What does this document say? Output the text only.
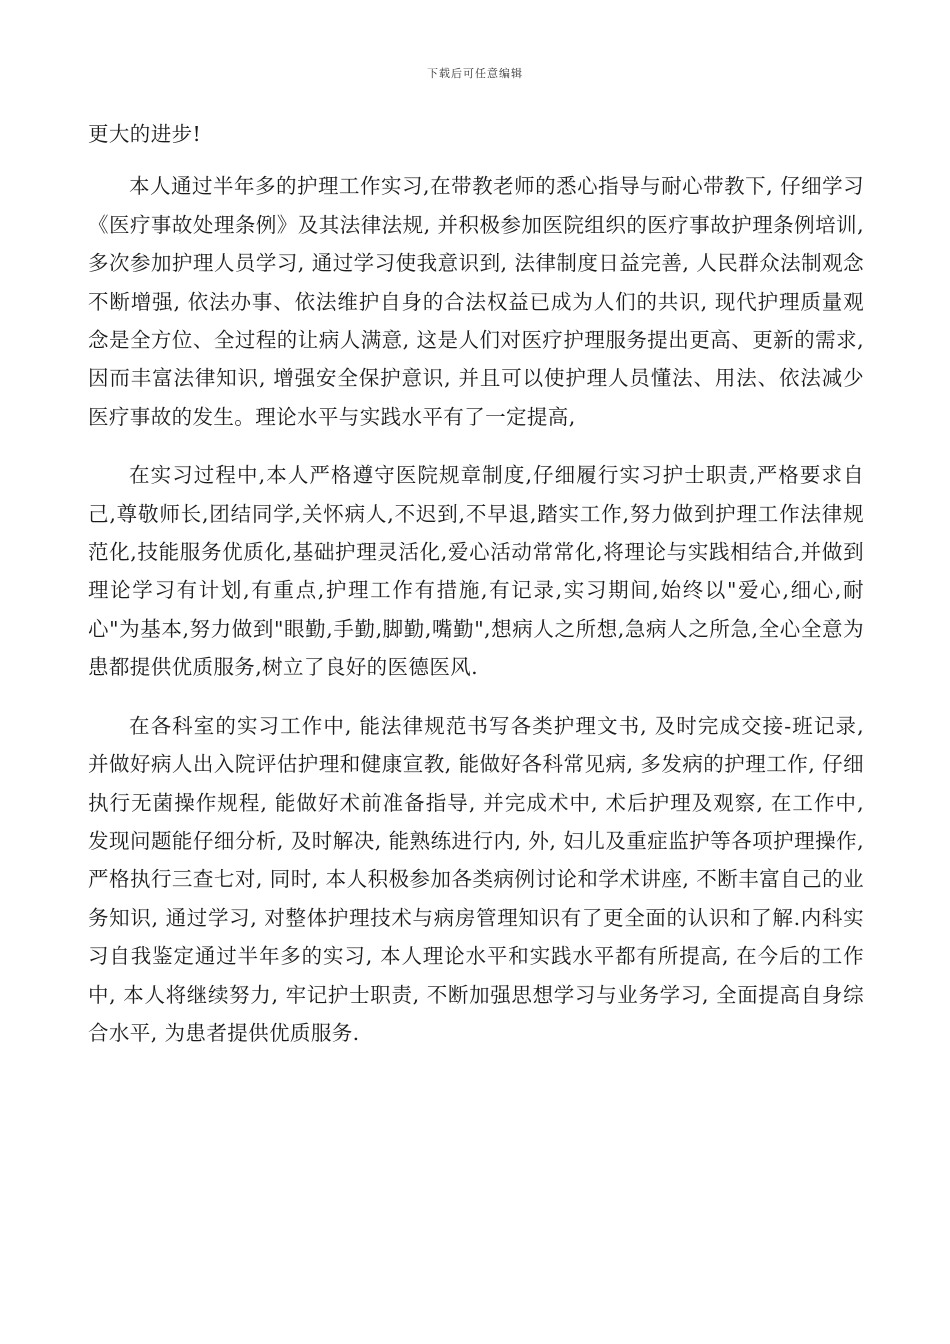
下载后可任意编辑

更大的进步!

本人通过半年多的护理工作实习,在带教老师的悉心指导与耐心带教下, 仔细学习《医疗事故处理条例》及其法律法规, 并积极参加医院组织的医疗事故护理条例培训, 多次参加护理人员学习, 通过学习使我意识到, 法律制度日益完善, 人民群众法制观念不断增强, 依法办事、依法维护自身的合法权益已成为人们的共识, 现代护理质量观念是全方位、全过程的让病人满意, 这是人们对医疗护理服务提出更高、更新的需求, 因而丰富法律知识, 增强安全保护意识, 并且可以使护理人员懂法、用法、依法减少医疗事故的发生。理论水平与实践水平有了一定提高,

在实习过程中,本人严格遵守医院规章制度,仔细履行实习护士职责,严格要求自己,尊敬师长,团结同学,关怀病人,不迟到,不早退,踏实工作,努力做到护理工作法律规范化,技能服务优质化,基础护理灵活化,爱心活动常常化,将理论与实践相结合,并做到理论学习有计划,有重点,护理工作有措施,有记录,实习期间,始终以"爱心,细心,耐心"为基本,努力做到"眼勤,手勤,脚勤,嘴勤",想病人之所想,急病人之所急,全心全意为患都提供优质服务,树立了良好的医德医风.

在各科室的实习工作中, 能法律规范书写各类护理文书, 及时完成交接-班记录, 并做好病人出入院评估护理和健康宣教, 能做好各科常见病, 多发病的护理工作, 仔细执行无菌操作规程, 能做好术前准备指导, 并完成术中, 术后护理及观察, 在工作中, 发现问题能仔细分析, 及时解决, 能熟练进行内, 外, 妇儿及重症监护等各项护理操作, 严格执行三查七对, 同时, 本人积极参加各类病例讨论和学术讲座, 不断丰富自己的业务知识, 通过学习, 对整体护理技术与病房管理知识有了更全面的认识和了解.内科实习自我鉴定通过半年多的实习, 本人理论水平和实践水平都有所提高, 在今后的工作中, 本人将继续努力, 牢记护士职责, 不断加强思想学习与业务学习, 全面提高自身综合水平, 为患者提供优质服务.
